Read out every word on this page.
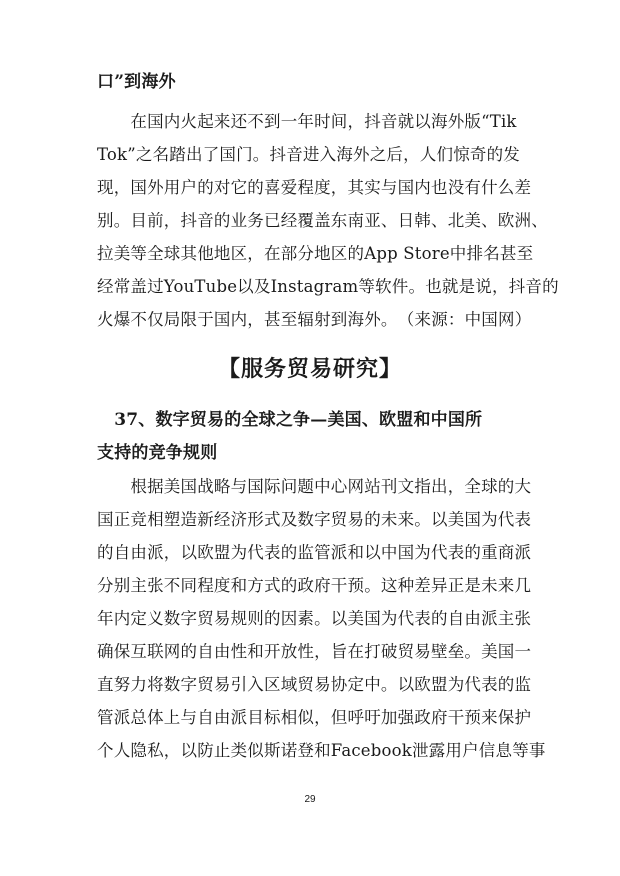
口”到海外
　　在国内火起来还不到一年时间，抖音就以海外版“Tik
Tok”之名踏出了国门。抖音进入海外之后，人们惊奇的发
现，国外用户的对它的喜爱程度，其实与国内也没有什么差
别。目前，抖音的业务已经覆盖东南亚、日韩、北美、欧洲、
拉美等全球其他地区，在部分地区的App Store中排名甚至
经常盖过YouTube以及Instagram等软件。也就是说，抖音的
火爆不仅局限于国内，甚至辐射到海外。　（来源：中国网）
【服务贸易研究】
　37、数字贸易的全球之争—美国、欧盟和中国所
支持的竞争规则
　　根据美国战略与国际问题中心网站刊文指出，全球的大
国正竞相塑造新经济形式及数字贸易的未来。以美国为代表
的自由派，以欧盟为代表的监管派和以中国为代表的重商派
分别主张不同程度和方式的政府干预。这种差异正是未来几
年内定义数字贸易规则的因素。以美国为代表的自由派主张
确保互联网的自由性和开放性，旨在打破贸易壁垒。美国一
直努力将数字贸易引入区域贸易协定中。以欧盟为代表的监
管派总体上与自由派目标相似，但呼吁加强政府干预来保护
个人隐私，以防止类似斯诺登和Facebook泄露用户信息等事
29
